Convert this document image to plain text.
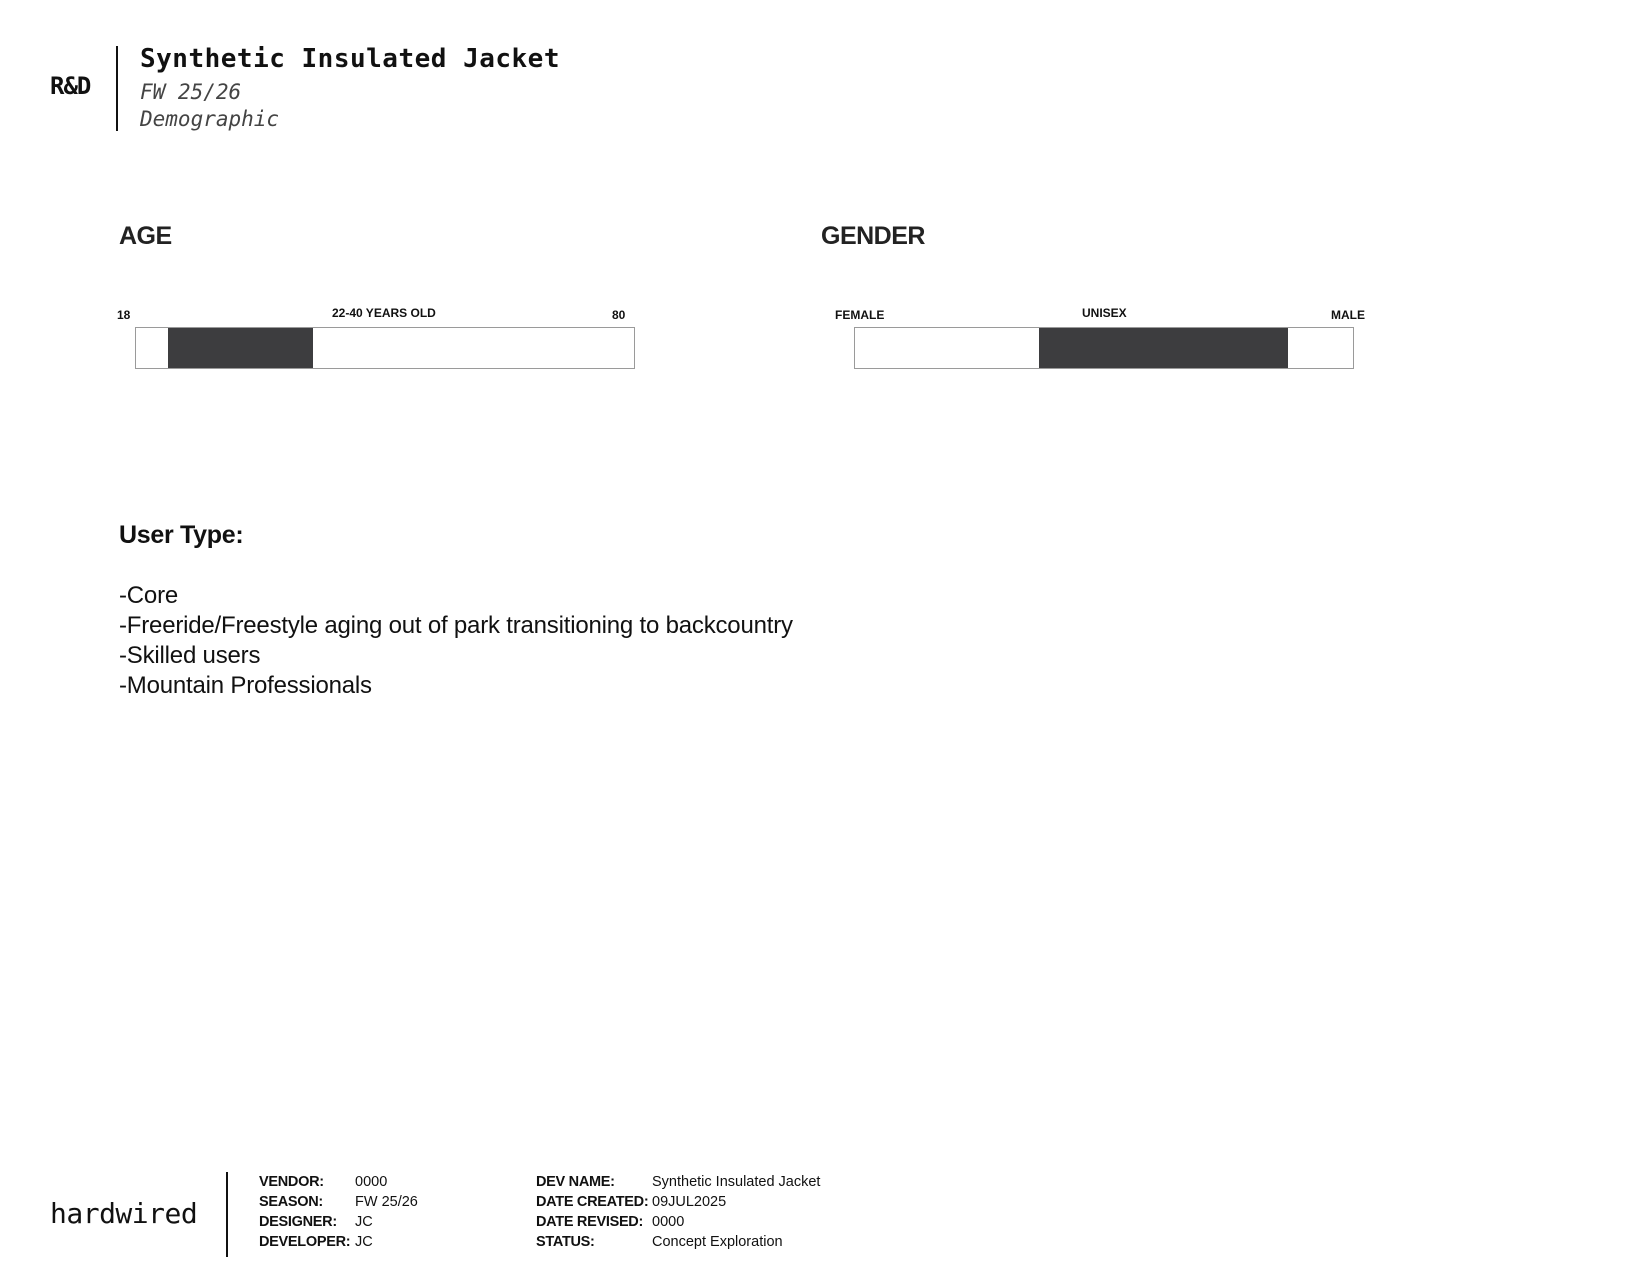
R&D
Synthetic Insulated Jacket
FW 25/26
Demographic
AGE
18	22-40 YEARS OLD	80
GENDER
FEMALE	UNISEX	MALE
User Type:
-Core
-Freeride/Freestyle aging out of park transitioning to backcountry
-Skilled users
-Mountain Professionals
hardwired
VENDOR:	0000
SEASON:	FW 25/26
DESIGNER:	JC
DEVELOPER:	JC
DEV NAME:	Synthetic Insulated Jacket
DATE CREATED:	09JUL2025
DATE REVISED:	0000
STATUS:	Concept Exploration
